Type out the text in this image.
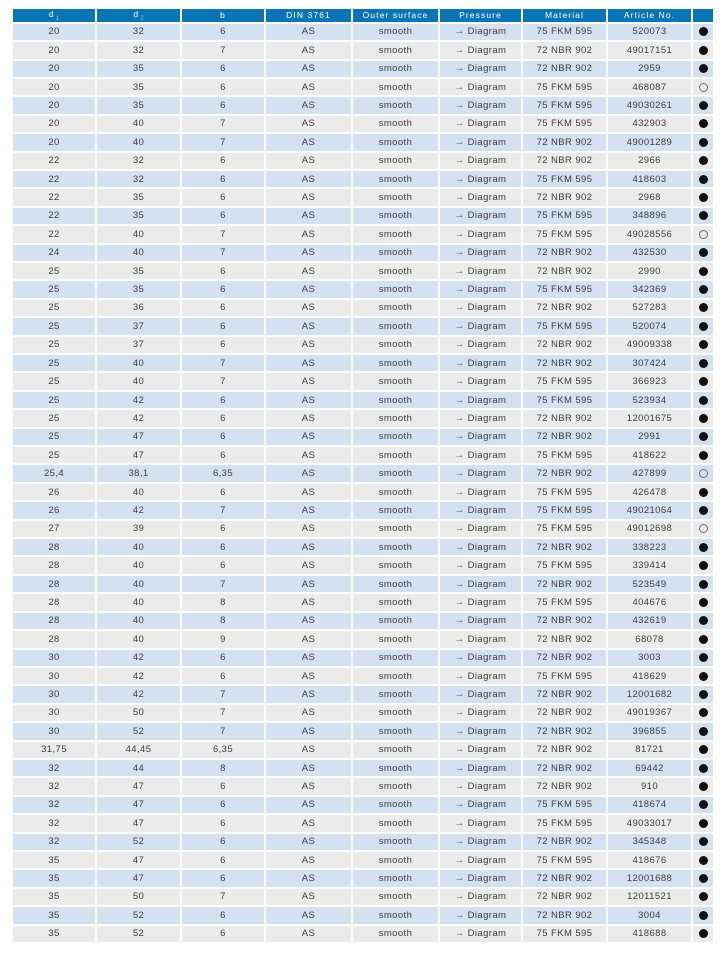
$d_1$	$d_2$	b	DIN 3761	Outer surface	Pressure	Material	Article No.	
20	32	6	AS	smooth	→ Diagram	75 FKM 595	520073	
20	32	7	AS	smooth	→ Diagram	72 NBR 902	49017151	
20	35	6	AS	smooth	→ Diagram	72 NBR 902	2959	
20	35	6	AS	smooth	→ Diagram	75 FKM 595	468087	
20	35	6	AS	smooth	→ Diagram	75 FKM 595	49030261	
20	40	7	AS	smooth	→ Diagram	75 FKM 595	432903	
20	40	7	AS	smooth	→ Diagram	72 NBR 902	49001289	
22	32	6	AS	smooth	→ Diagram	72 NBR 902	2966	
22	32	6	AS	smooth	→ Diagram	75 FKM 595	418603	
22	35	6	AS	smooth	→ Diagram	72 NBR 902	2968	
22	35	6	AS	smooth	→ Diagram	75 FKM 595	348896	
22	40	7	AS	smooth	→ Diagram	75 FKM 595	49028556	
24	40	7	AS	smooth	→ Diagram	72 NBR 902	432530	
25	35	6	AS	smooth	→ Diagram	72 NBR 902	2990	
25	35	6	AS	smooth	→ Diagram	75 FKM 595	342369	
25	36	6	AS	smooth	→ Diagram	72 NBR 902	527283	
25	37	6	AS	smooth	→ Diagram	75 FKM 595	520074	
25	37	6	AS	smooth	→ Diagram	72 NBR 902	49009338	
25	40	7	AS	smooth	→ Diagram	72 NBR 902	307424	
25	40	7	AS	smooth	→ Diagram	75 FKM 595	366923	
25	42	6	AS	smooth	→ Diagram	75 FKM 595	523934	
25	42	6	AS	smooth	→ Diagram	72 NBR 902	12001675	
25	47	6	AS	smooth	→ Diagram	72 NBR 902	2991	
25	47	6	AS	smooth	→ Diagram	75 FKM 595	418622	
25,4	38,1	6,35	AS	smooth	→ Diagram	72 NBR 902	427899	
26	40	6	AS	smooth	→ Diagram	75 FKM 595	426478	
26	42	7	AS	smooth	→ Diagram	75 FKM 595	49021064	
27	39	6	AS	smooth	→ Diagram	75 FKM 595	49012698	
28	40	6	AS	smooth	→ Diagram	72 NBR 902	338223	
28	40	6	AS	smooth	→ Diagram	75 FKM 595	339414	
28	40	7	AS	smooth	→ Diagram	72 NBR 902	523549	
28	40	8	AS	smooth	→ Diagram	75 FKM 595	404676	
28	40	8	AS	smooth	→ Diagram	72 NBR 902	432619	
28	40	9	AS	smooth	→ Diagram	72 NBR 902	68078	
30	42	6	AS	smooth	→ Diagram	72 NBR 902	3003	
30	42	6	AS	smooth	→ Diagram	75 FKM 595	418629	
30	42	7	AS	smooth	→ Diagram	72 NBR 902	12001682	
30	50	7	AS	smooth	→ Diagram	72 NBR 902	49019367	
30	52	7	AS	smooth	→ Diagram	72 NBR 902	396855	
31,75	44,45	6,35	AS	smooth	→ Diagram	72 NBR 902	81721	
32	44	8	AS	smooth	→ Diagram	72 NBR 902	69442	
32	47	6	AS	smooth	→ Diagram	72 NBR 902	910	
32	47	6	AS	smooth	→ Diagram	75 FKM 595	418674	
32	47	6	AS	smooth	→ Diagram	75 FKM 595	49033017	
32	52	6	AS	smooth	→ Diagram	72 NBR 902	345348	
35	47	6	AS	smooth	→ Diagram	75 FKM 595	418676	
35	47	6	AS	smooth	→ Diagram	72 NBR 902	12001688	
35	50	7	AS	smooth	→ Diagram	72 NBR 902	12011521	
35	52	6	AS	smooth	→ Diagram	72 NBR 902	3004	
35	52	6	AS	smooth	→ Diagram	75 FKM 595	418688	
